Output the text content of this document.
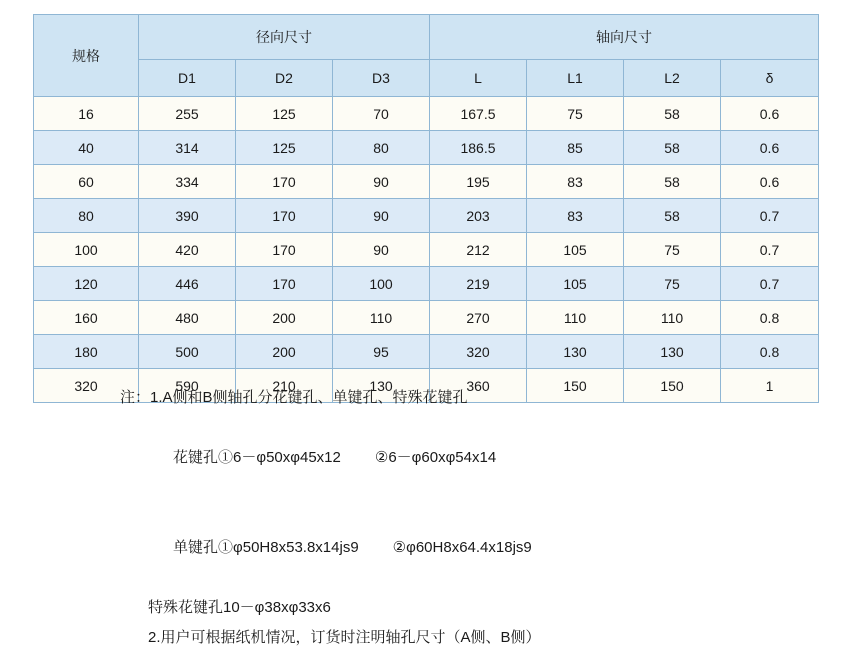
规格	径向尺寸			轴向尺寸			
	D1	D2	D3	L	L1	L2	δ
16	255	125	70	167.5	75	58	0.6
40	314	125	80	186.5	85	58	0.6
60	334	170	90	195	83	58	0.6
80	390	170	90	203	83	58	0.7
100	420	170	90	212	105	75	0.7
120	446	170	100	219	105	75	0.7
160	480	200	110	270	110	110	0.8
180	500	200	95	320	130	130	0.8
320	590	210	130	360	150	150	1
注：1.A侧和B侧轴孔分花键孔、单键孔、特殊花键孔

花键孔①6－φ50xφ45x12 ②6－φ60xφ54x14

单键孔①φ50H8x53.8x14js9 ②φ60H8x64.4x18js9

特殊花键孔10－φ38xφ33x6
2.用户可根据纸机情况，订货时注明轴孔尺寸（A侧、B侧）
